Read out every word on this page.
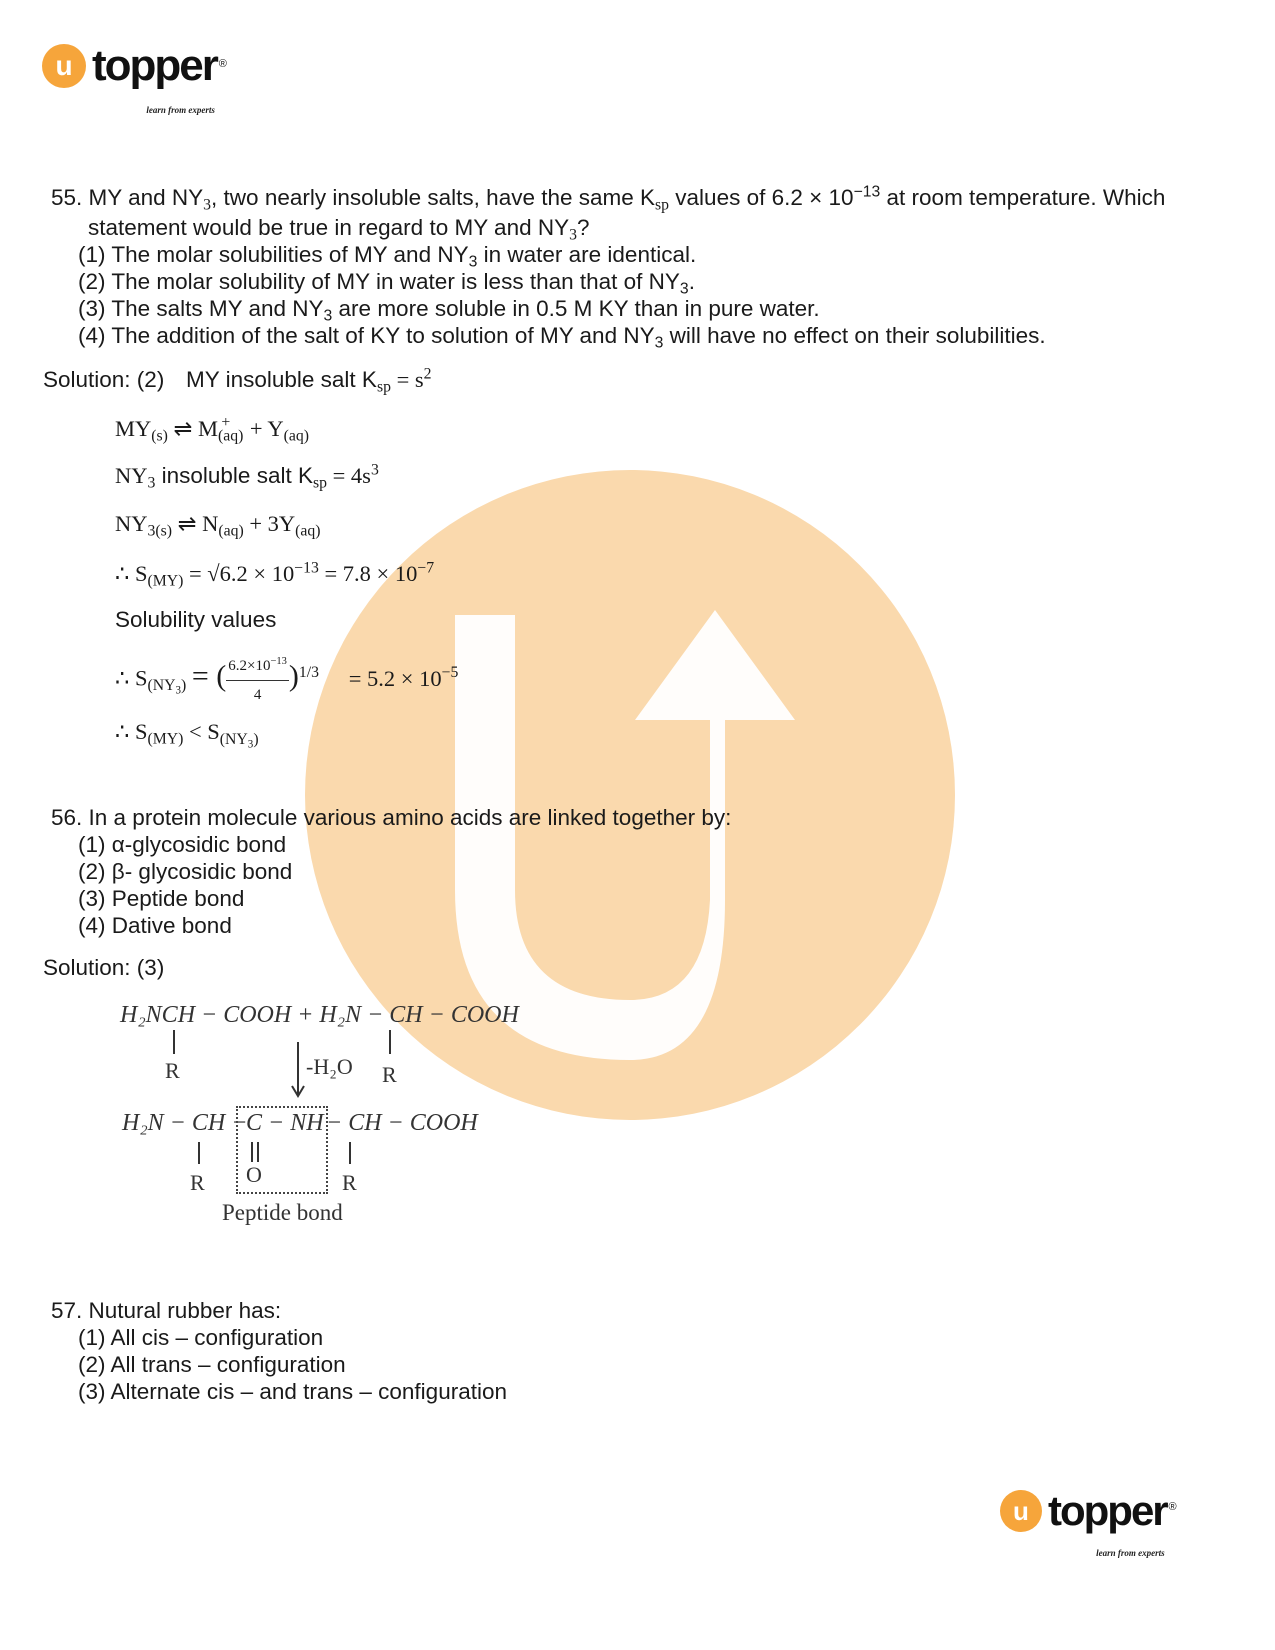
u topper ®
learn from experts
55. MY and $NY_3$, two nearly insoluble salts, have the same $K_{sp}$ values of $6.2 \times 10^{-13}$ at room temperature. Which
statement would be true in regard to MY and $NY_3$?
(1) The molar solubilities of MY and $NY_3$ in water are identical.
(2) The molar solubility of MY in water is less than that of $NY_3$.
(3) The salts MY and $NY_3$ are more soluble in 0.5 M KY than in pure water.
(4) The addition of the salt of KY to solution of MY and $NY_3$ will have no effect on their solubilities.
Solution: (2) MY insoluble salt $K_{sp} = s^2$
$MY_{(s)}$ ⇌ $M_{(aq)}^+ + Y_{(aq)}$
$NY_3$ insoluble salt $K_{sp} = 4s^3$
$NY_{3(s)}$ ⇌ $N_{(aq)} + 3Y_{(aq)}$
∴ $S_{(MY)} = √6.2 \times 10^{-13} = 7.8 \times 10^{-7}$
Solubility values
∴ $S_{(NY_3)}$ = ( $\frac{6.2\times 10^{-13}}{4} )^{1/3} = 5.2 \times 10^{-5}$
∴ $S_{(MY)} < S_{(NY_3)}$
56. In a protein molecule various amino acids are linked together by:
(1) α-glycosidic bond
(2) β- glycosidic bond
(3) Peptide bond
(4) Dative bond
Solution: (3)
H₂NCH − COOH + H₂N − CH − COOH
R	R
-H₂O
H₂N − CH −
C − NH − CH − COOH
R O	R
Peptide bond
57. Nutural rubber has:
(1) All cis – configuration
(2) All trans – configuration
(3) Alternate cis – and trans – configuration
u topper ®
learn from experts
